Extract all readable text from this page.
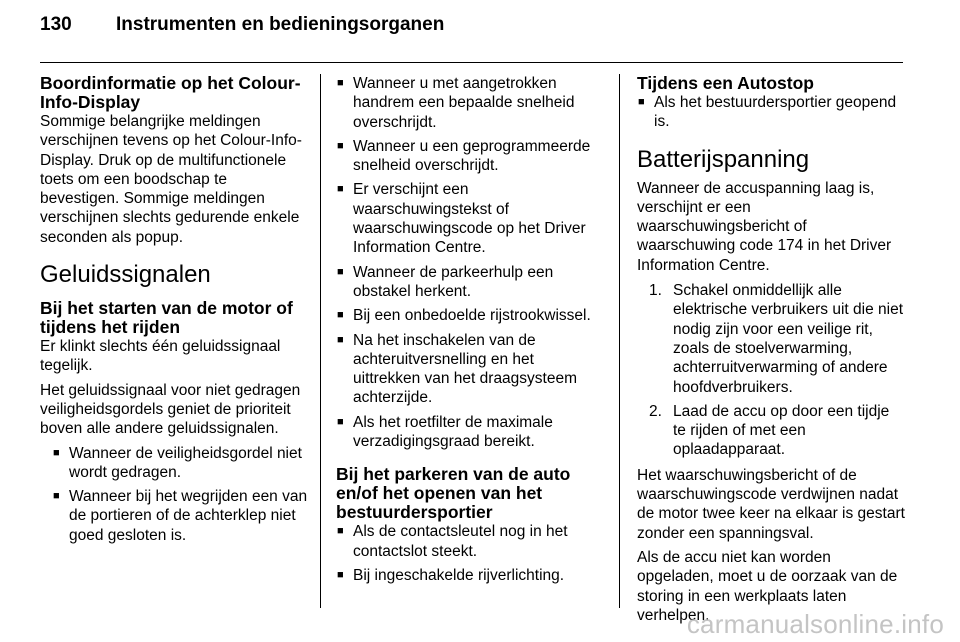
130 Instrumenten en bedieningsorganen
Boordinformatie op het Colour-Info-Display

Sommige belangrijke meldingen verschijnen tevens op het Colour-Info-Display. Druk op de multifunctionele toets om een boodschap te bevestigen. Sommige meldingen verschijnen slechts gedurende enkele seconden als popup.

Geluidssignalen
Bij het starten van de motor of tijdens het rijden

Er klinkt slechts één geluidssignaal tegelijk.

Het geluidssignaal voor niet gedragen veiligheidsgordels geniet de prioriteit boven alle andere geluidssignalen.

■ Wanneer de veiligheidsgordel niet wordt gedragen.
■ Wanneer bij het wegrijden een van de portieren of de achterklep niet goed gesloten is.
■ Wanneer u met aangetrokken handrem een bepaalde snelheid overschrijdt.
■ Wanneer u een geprogrammeerde snelheid overschrijdt.
■ Er verschijnt een waarschuwingstekst of waarschuwingscode op het Driver Information Centre.
■ Wanneer de parkeerhulp een obstakel herkent.
■ Bij een onbedoelde rijstrookwissel.
■ Na het inschakelen van de achteruitversnelling en het uittrekken van het draagsysteem achterzijde.
■ Als het roetfilter de maximale verzadigingsgraad bereikt.
Bij het parkeren van de auto en/of het openen van het bestuurdersportier
■ Als de contactsleutel nog in het contactslot steekt.
■ Bij ingeschakelde rijverlichting.
Tijdens een Autostop
■ Als het bestuurdersportier geopend is.
Batterijspanning

Wanneer de accuspanning laag is, verschijnt er een waarschuwingsbericht of waarschuwing code 174 in het Driver Information Centre.

1. Schakel onmiddellijk alle elektrische verbruikers uit die niet nodig zijn voor een veilige rit, zoals de stoelverwarming, achterruitverwarming of andere hoofdverbruikers.
2. Laad de accu op door een tijdje te rijden of met een oplaadapparaat.

Het waarschuwingsbericht of de waarschuwingscode verdwijnen nadat de motor twee keer na elkaar is gestart zonder een spanningsval.

Als de accu niet kan worden opgeladen, moet u de oorzaak van de storing in een werkplaats laten verhelpen.

carmanualsonline.info
